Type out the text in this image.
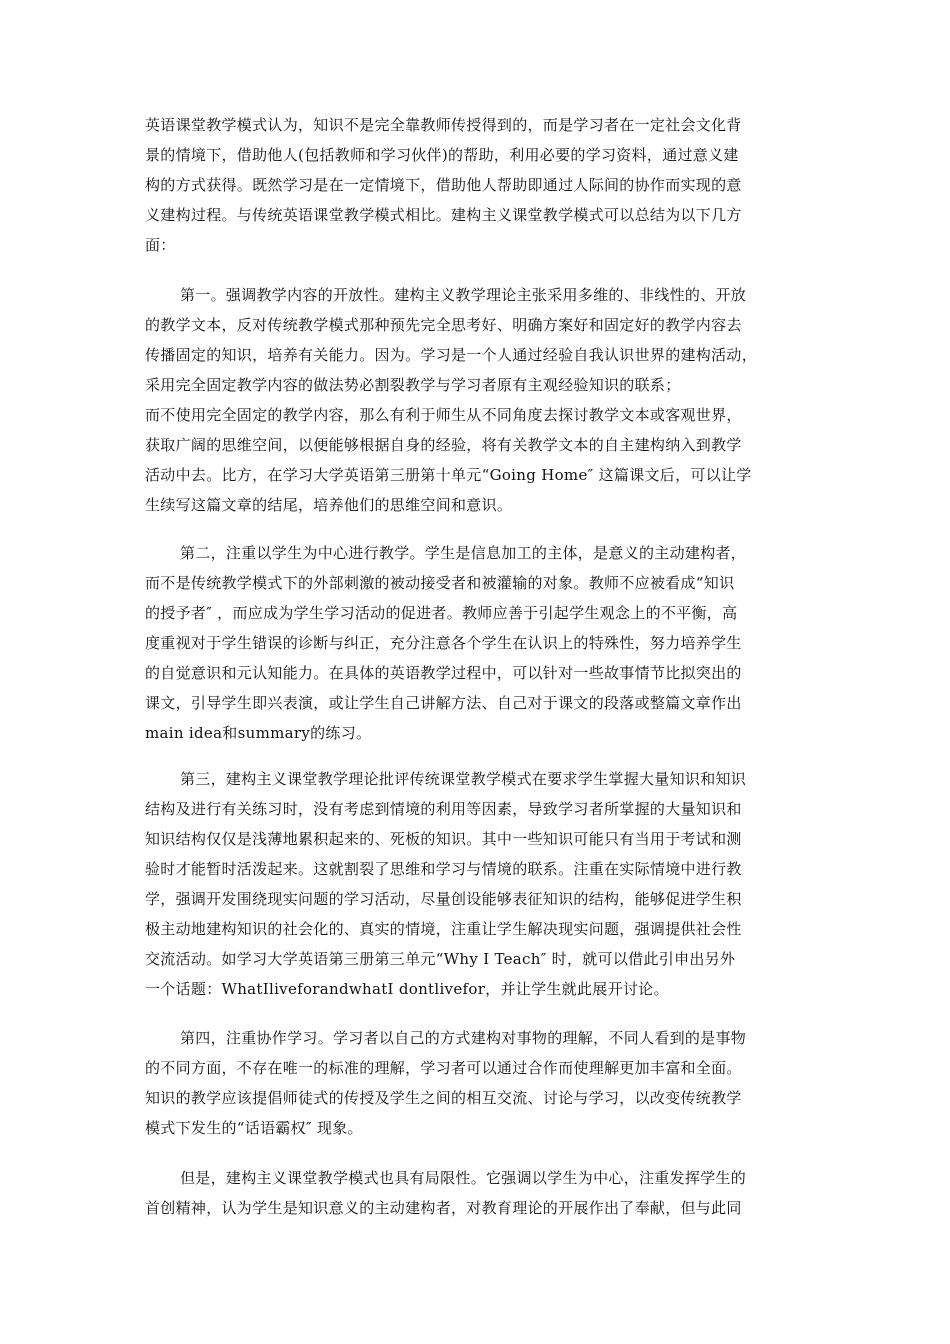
英语课堂教学模式认为，知识不是完全靠教师传授得到的，而是学习者在一定社会文化背
景的情境下，借助他人(包括教师和学习伙伴)的帮助，利用必要的学习资料，通过意义建
构的方式获得。既然学习是在一定情境下，借助他人帮助即通过人际间的协作而实现的意
义建构过程。与传统英语课堂教学模式相比。建构主义课堂教学模式可以总结为以下几方
面：
第一。强调教学内容的开放性。建构主义教学理论主张采用多维的、非线性的、开放
的教学文本，反对传统教学模式那种预先完全思考好、明确方案好和固定好的教学内容去
传播固定的知识，培养有关能力。因为。学习是一个人通过经验自我认识世界的建构活动，
采用完全固定教学内容的做法势必割裂教学与学习者原有主观经验知识的联系；
而不使用完全固定的教学内容，那么有利于师生从不同角度去探讨教学文本或客观世界，
获取广阔的思维空间，以便能够根据自身的经验，将有关教学文本的自主建构纳入到教学
活动中去。比方，在学习大学英语第三册第十单元“Going Home″ 这篇课文后，可以让学
生续写这篇文章的结尾，培养他们的思维空间和意识。
第二，注重以学生为中心进行教学。学生是信息加工的主体，是意义的主动建构者，
而不是传统教学模式下的外部刺激的被动接受者和被灌输的对象。教师不应被看成“知识
的授予者″ ，而应成为学生学习活动的促进者。教师应善于引起学生观念上的不平衡，高
度重视对于学生错误的诊断与纠正，充分注意各个学生在认识上的特殊性，努力培养学生
的自觉意识和元认知能力。在具体的英语教学过程中，可以针对一些故事情节比拟突出的
课文，引导学生即兴表演，或让学生自己讲解方法、自己对于课文的段落或整篇文章作出
main idea和summary的练习。
第三，建构主义课堂教学理论批评传统课堂教学模式在要求学生掌握大量知识和知识
结构及进行有关练习时，没有考虑到情境的利用等因素，导致学习者所掌握的大量知识和
知识结构仅仅是浅薄地累积起来的、死板的知识。其中一些知识可能只有当用于考试和测
验时才能暂时活泼起来。这就割裂了思维和学习与情境的联系。注重在实际情境中进行教
学，强调开发围绕现实问题的学习活动，尽量创设能够表征知识的结构，能够促进学生积
极主动地建构知识的社会化的、真实的情境，注重让学生解决现实问题，强调提供社会性
交流活动。如学习大学英语第三册第三单元“Why I Teach″ 时，就可以借此引申出另外
一个话题：WhatIliveforandwhatI dontlivefor，并让学生就此展开讨论。
第四，注重协作学习。学习者以自己的方式建构对事物的理解，不同人看到的是事物
的不同方面，不存在唯一的标准的理解，学习者可以通过合作而使理解更加丰富和全面。
知识的教学应该提倡师徒式的传授及学生之间的相互交流、讨论与学习，以改变传统教学
模式下发生的“话语霸权″ 现象。
但是，建构主义课堂教学模式也具有局限性。它强调以学生为中心，注重发挥学生的
首创精神，认为学生是知识意义的主动建构者，对教育理论的开展作出了奉献，但与此同
